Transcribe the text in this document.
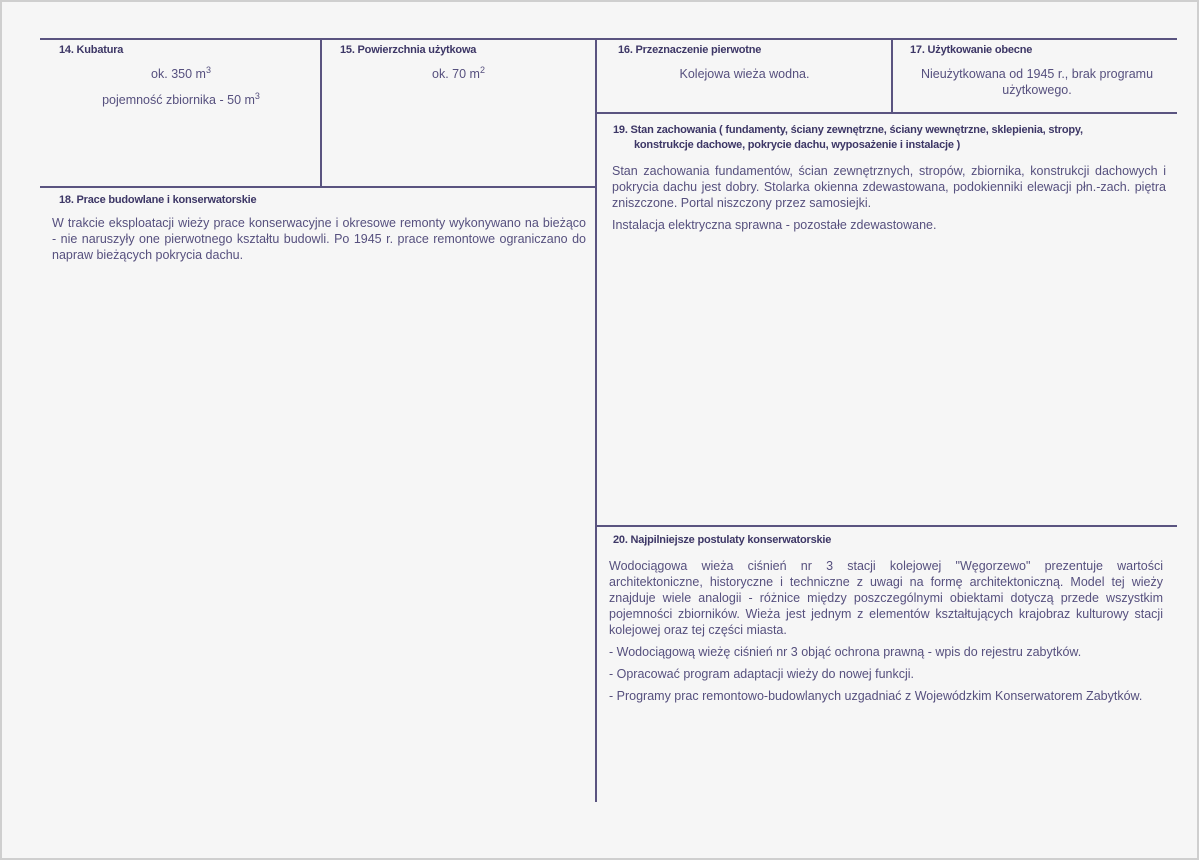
14. Kubatura
ok. 350 $m^3$
pojemność zbiornika - 50 $m^3$
15. Powierzchnia użytkowa
ok. 70 $m^2$
16. Przeznaczenie pierwotne
Kolejowa wieża wodna.
17. Użytkowanie obecne
Nieużytkowana od 1945 r., brak programu użytkowego.
18. Prace budowlane i konserwatorskie
W trakcie eksploatacji wieży prace konserwacyjne i okresowe remonty wykonywano na bieżąco - nie naruszyły one pierwotnego kształtu budowli. Po 1945 r. prace remontowe ograniczano do napraw bieżących pokrycia dachu.
19. Stan zachowania ( fundamenty, ściany zewnętrzne, ściany wewnętrzne, sklepienia, stropy,
konstrukcje dachowe, pokrycie dachu, wyposażenie i instalacje )

Stan zachowania fundamentów, ścian zewnętrznych, stropów, zbiornika, konstrukcji dachowych i pokrycia dachu jest dobry. Stolarka okienna zdewastowana, podokienniki elewacji płn.-zach. piętra zniszczone. Portal niszczony przez samosiejki.

Instalacja elektryczna sprawna - pozostałe zdewastowane.

20. Najpilniejsze postulaty konserwatorskie

Wodociągowa wieża ciśnień nr 3 stacji kolejowej "Węgorzewo" prezentuje wartości architektoniczne, historyczne i techniczne z uwagi na formę architektoniczną. Model tej wieży znajduje wiele analogii - różnice między poszczególnymi obiektami dotyczą przede wszystkim pojemności zbiorników. Wieża jest jednym z elementów kształtujących krajobraz kulturowy stacji kolejowej oraz tej części miasta.

- Wodociągową wieżę ciśnień nr 3 objąć ochrona prawną - wpis do rejestru zabytków.
- Opracować program adaptacji wieży do nowej funkcji.
- Programy prac remontowo-budowlanych uzgadniać z Wojewódzkim Konserwatorem Zabytków.
